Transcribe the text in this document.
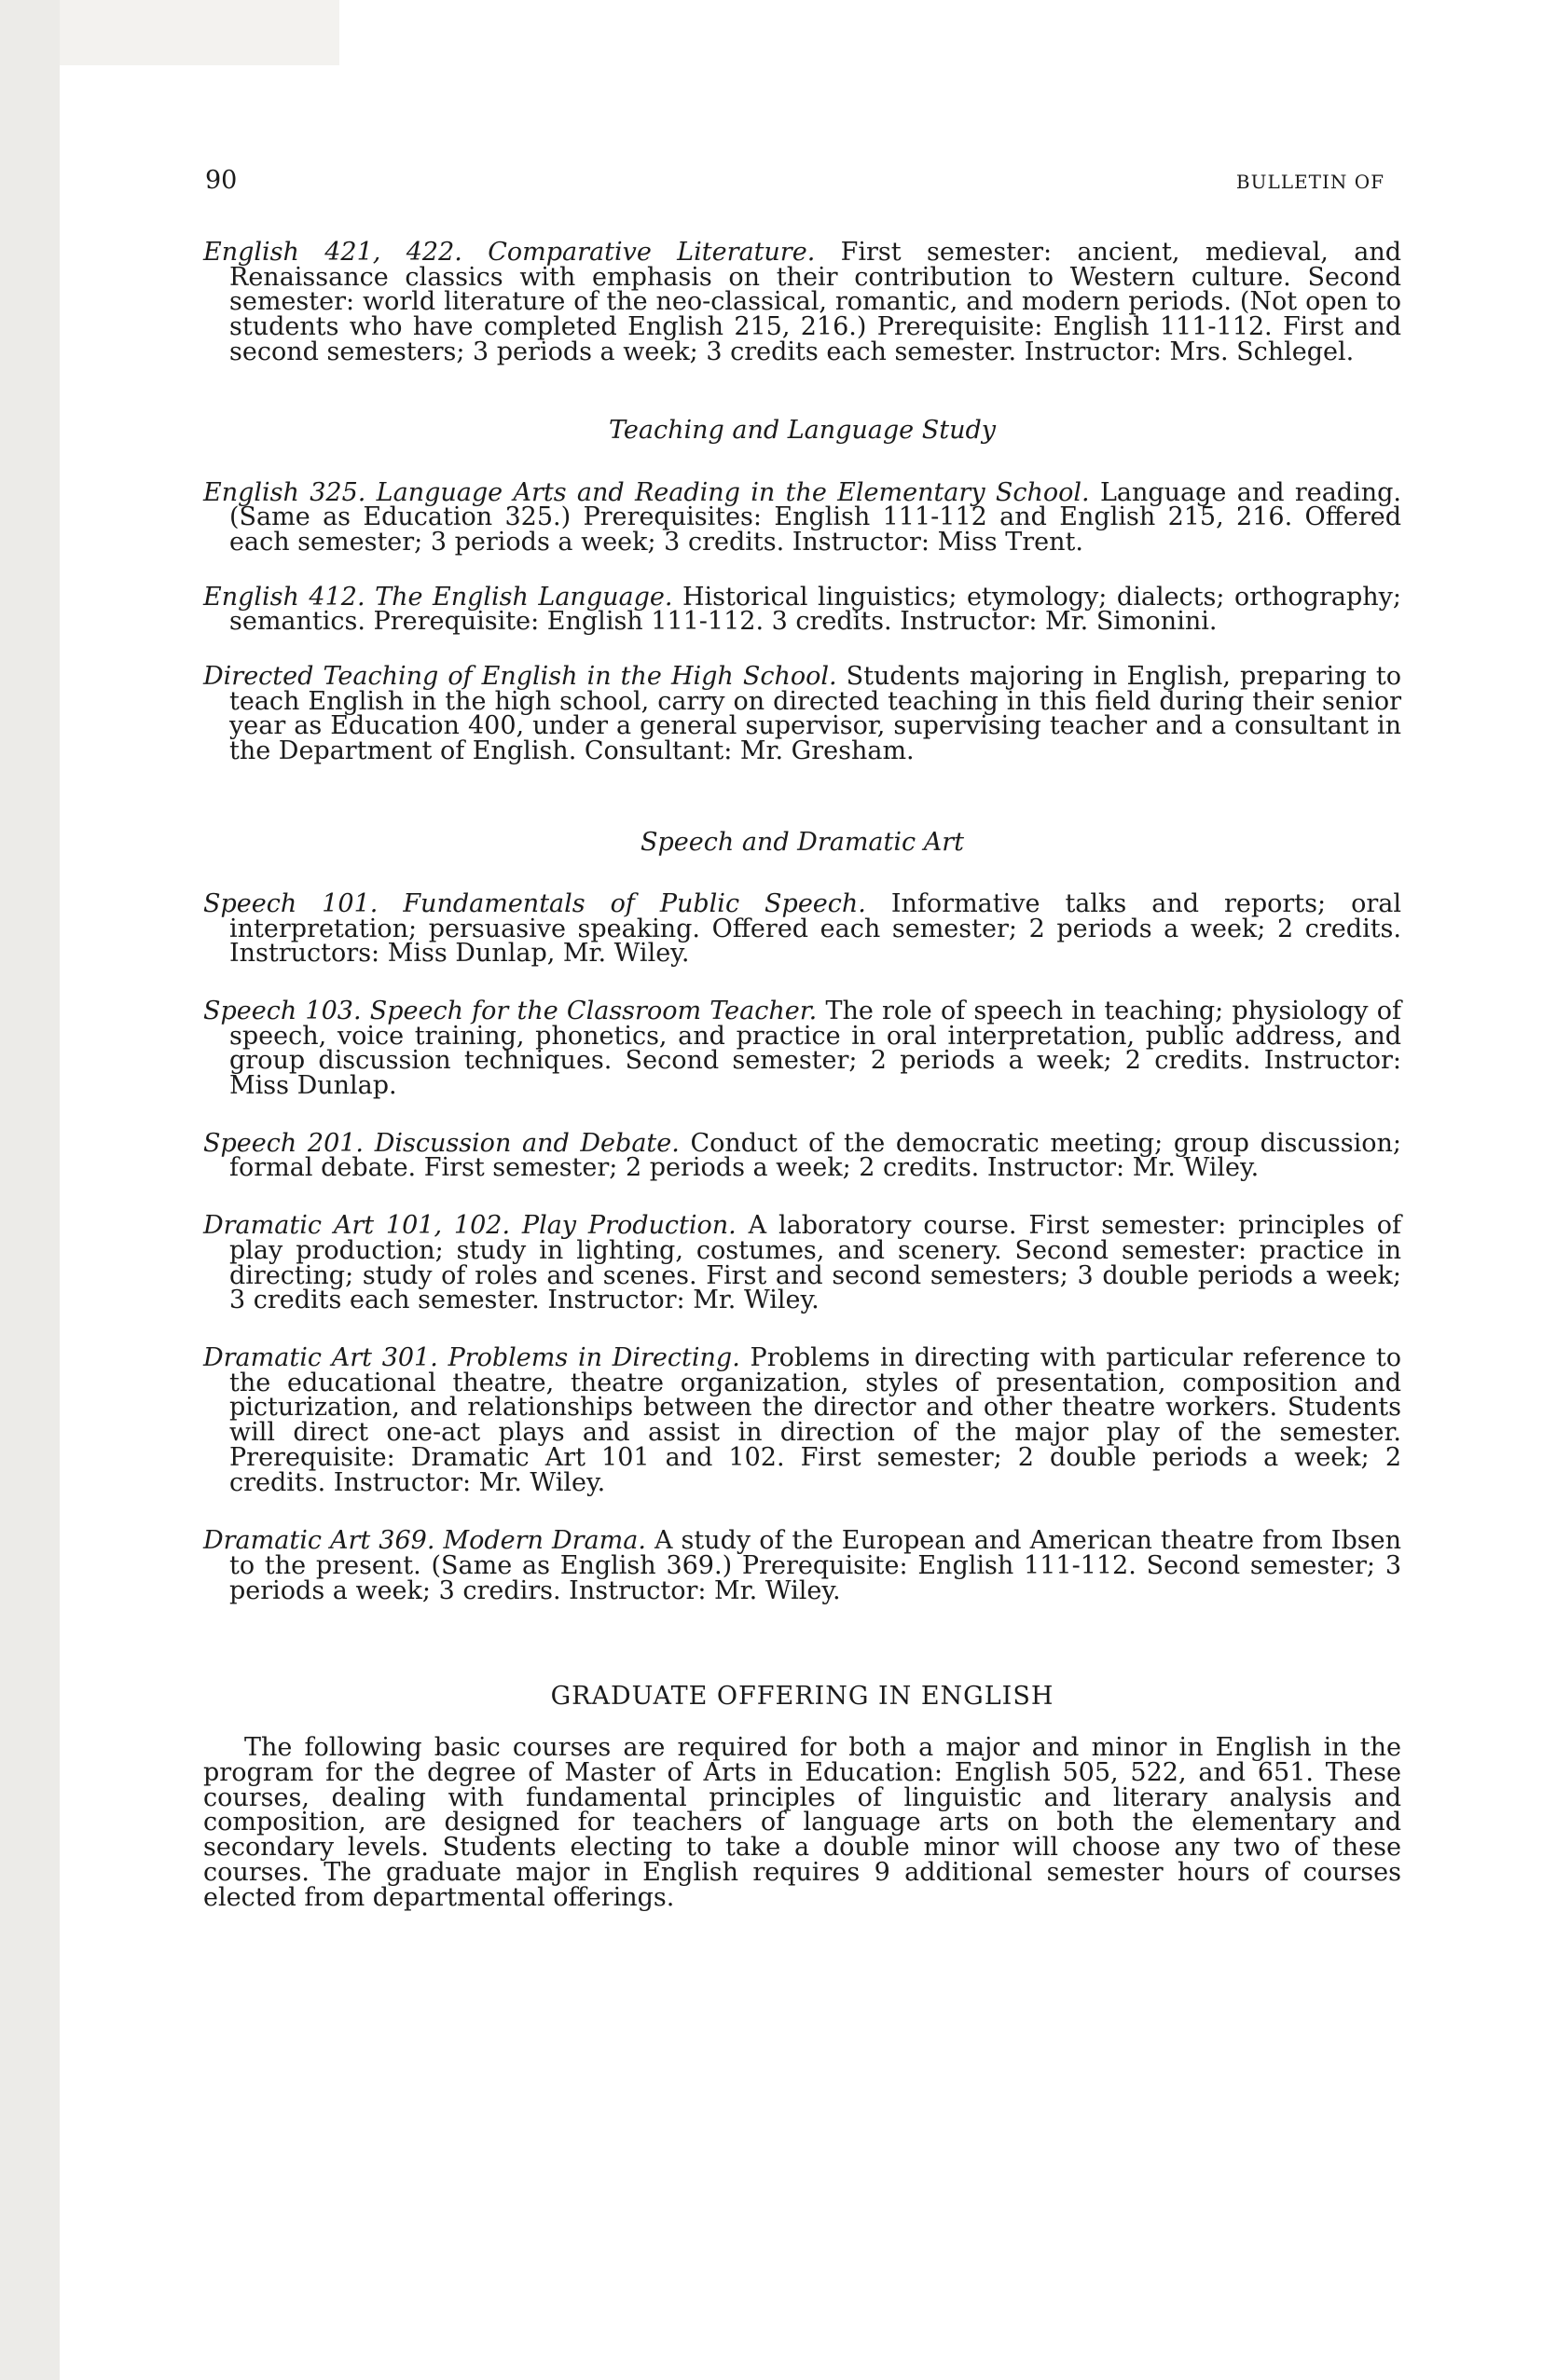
90	BULLETIN OF

English 421, 422. Comparative Literature. First semester: ancient, medieval, and Renaissance classics with emphasis on their contribution to Western culture. Second semester: world literature of the neo-classical, romantic, and modern periods. (Not open to students who have completed English 215, 216.) Prerequisite: English 111-112. First and second semesters; 3 periods a week; 3 credits each semester. Instructor: Mrs. Schlegel.

Teaching and Language Study

English 325. Language Arts and Reading in the Elementary School. Language and reading. (Same as Education 325.) Prerequisites: English 111-112 and English 215, 216. Offered each semester; 3 periods a week; 3 credits. Instructor: Miss Trent.

English 412. The English Language. Historical linguistics; etymology; dialects; orthography; semantics. Prerequisite: English 111-112. 3 credits. Instructor: Mr. Simonini.

Directed Teaching of English in the High School. Students majoring in English, preparing to teach English in the high school, carry on directed teaching in this field during their senior year as Education 400, under a general supervisor, supervising teacher and a consultant in the Department of English. Consultant: Mr. Gresham.

Speech and Dramatic Art

Speech 101. Fundamentals of Public Speech. Informative talks and reports; oral interpretation; persuasive speaking. Offered each semester; 2 periods a week; 2 credits. Instructors: Miss Dunlap, Mr. Wiley.

Speech 103. Speech for the Classroom Teacher. The role of speech in teaching; physiology of speech, voice training, phonetics, and practice in oral interpretation, public address, and group discussion techniques. Second semester; 2 periods a week; 2 credits. Instructor: Miss Dunlap.

Speech 201. Discussion and Debate. Conduct of the democratic meeting; group discussion; formal debate. First semester; 2 periods a week; 2 credits. Instructor: Mr. Wiley.

Dramatic Art 101, 102. Play Production. A laboratory course. First semester: principles of play production; study in lighting, costumes, and scenery. Second semester: practice in directing; study of roles and scenes. First and second semesters; 3 double periods a week; 3 credits each semester. Instructor: Mr. Wiley.

Dramatic Art 301. Problems in Directing. Problems in directing with particular reference to the educational theatre, theatre organization, styles of presentation, composition and picturization, and relationships between the director and other theatre workers. Students will direct one-act plays and assist in direction of the major play of the semester. Prerequisite: Dramatic Art 101 and 102. First semester; 2 double periods a week; 2 credits. Instructor: Mr. Wiley.

Dramatic Art 369. Modern Drama. A study of the European and American theatre from Ibsen to the present. (Same as English 369.) Prerequisite: English 111-112. Second semester; 3 periods a week; 3 credirs. Instructor: Mr. Wiley.

GRADUATE OFFERING IN ENGLISH

The following basic courses are required for both a major and minor in English in the program for the degree of Master of Arts in Education: English 505, 522, and 651. These courses, dealing with fundamental principles of linguistic and literary analysis and composition, are designed for teachers of language arts on both the elementary and secondary levels. Students electing to take a double minor will choose any two of these courses. The graduate major in English requires 9 additional semester hours of courses elected from departmental offerings.
